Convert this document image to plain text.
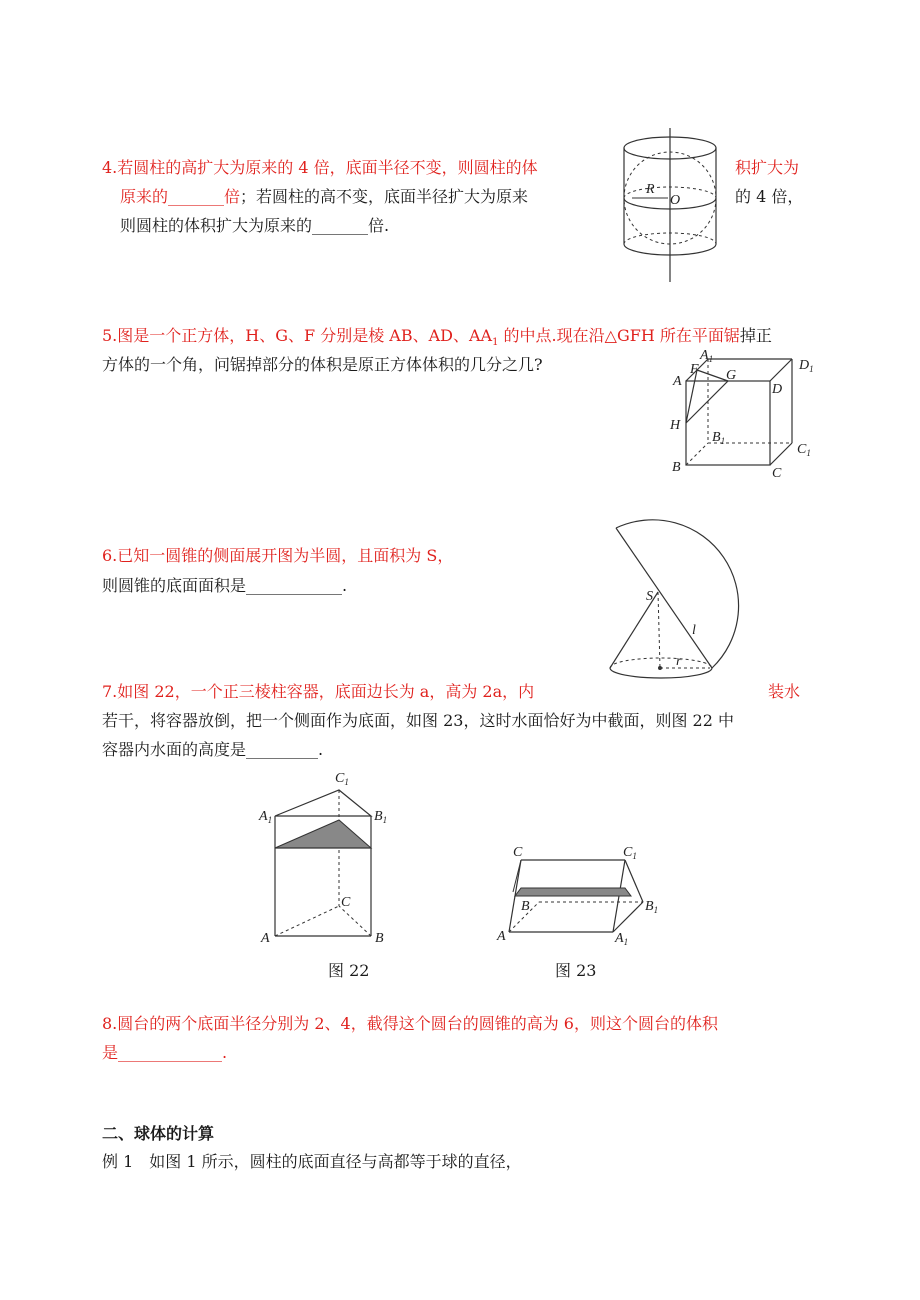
4.若圆柱的高扩大为原来的 4 倍，底面半径不变，则圆柱的体	积扩大为
原来的_______倍；若圆柱的高不变，底面半径扩大为原来	的 4 倍，
则圆柱的体积扩大为原来的_______倍.
R
O
5.图是一个正方体，H、G、F 分别是棱 AB、AD、$AA_1$ 的中点.现在沿△GFH 所在平面锯掉正
方体的一个角，问锯掉部分的体积是原正方体体积的几分之几?	$A_1$	$D_1$
F G
A
D
H
$B_1$
$C_1$
B	C
6.已知一圆锥的侧面展开图为半圆，且面积为 S，
则圆锥的底面面积是____________.
S
l
r
7.如图 22，一个正三棱柱容器，底面边长为 a，高为 2a，内	装水
若干，将容器放倒，把一个侧面作为底面，如图 23，这时水面恰好为中截面，则图 22 中
容器内水面的高度是_________.
$C_1$
$A_1$	$B_1$
C
A	B
图 22
C	$C_1$
B	$B_1$
A	$A_1$
图 23
8.圆台的两个底面半径分别为 2、4，截得这个圆台的圆锥的高为 6，则这个圆台的体积
是_____________.
二、球体的计算
例 1　如图 1 所示，圆柱的底面直径与高都等于球的直径，
